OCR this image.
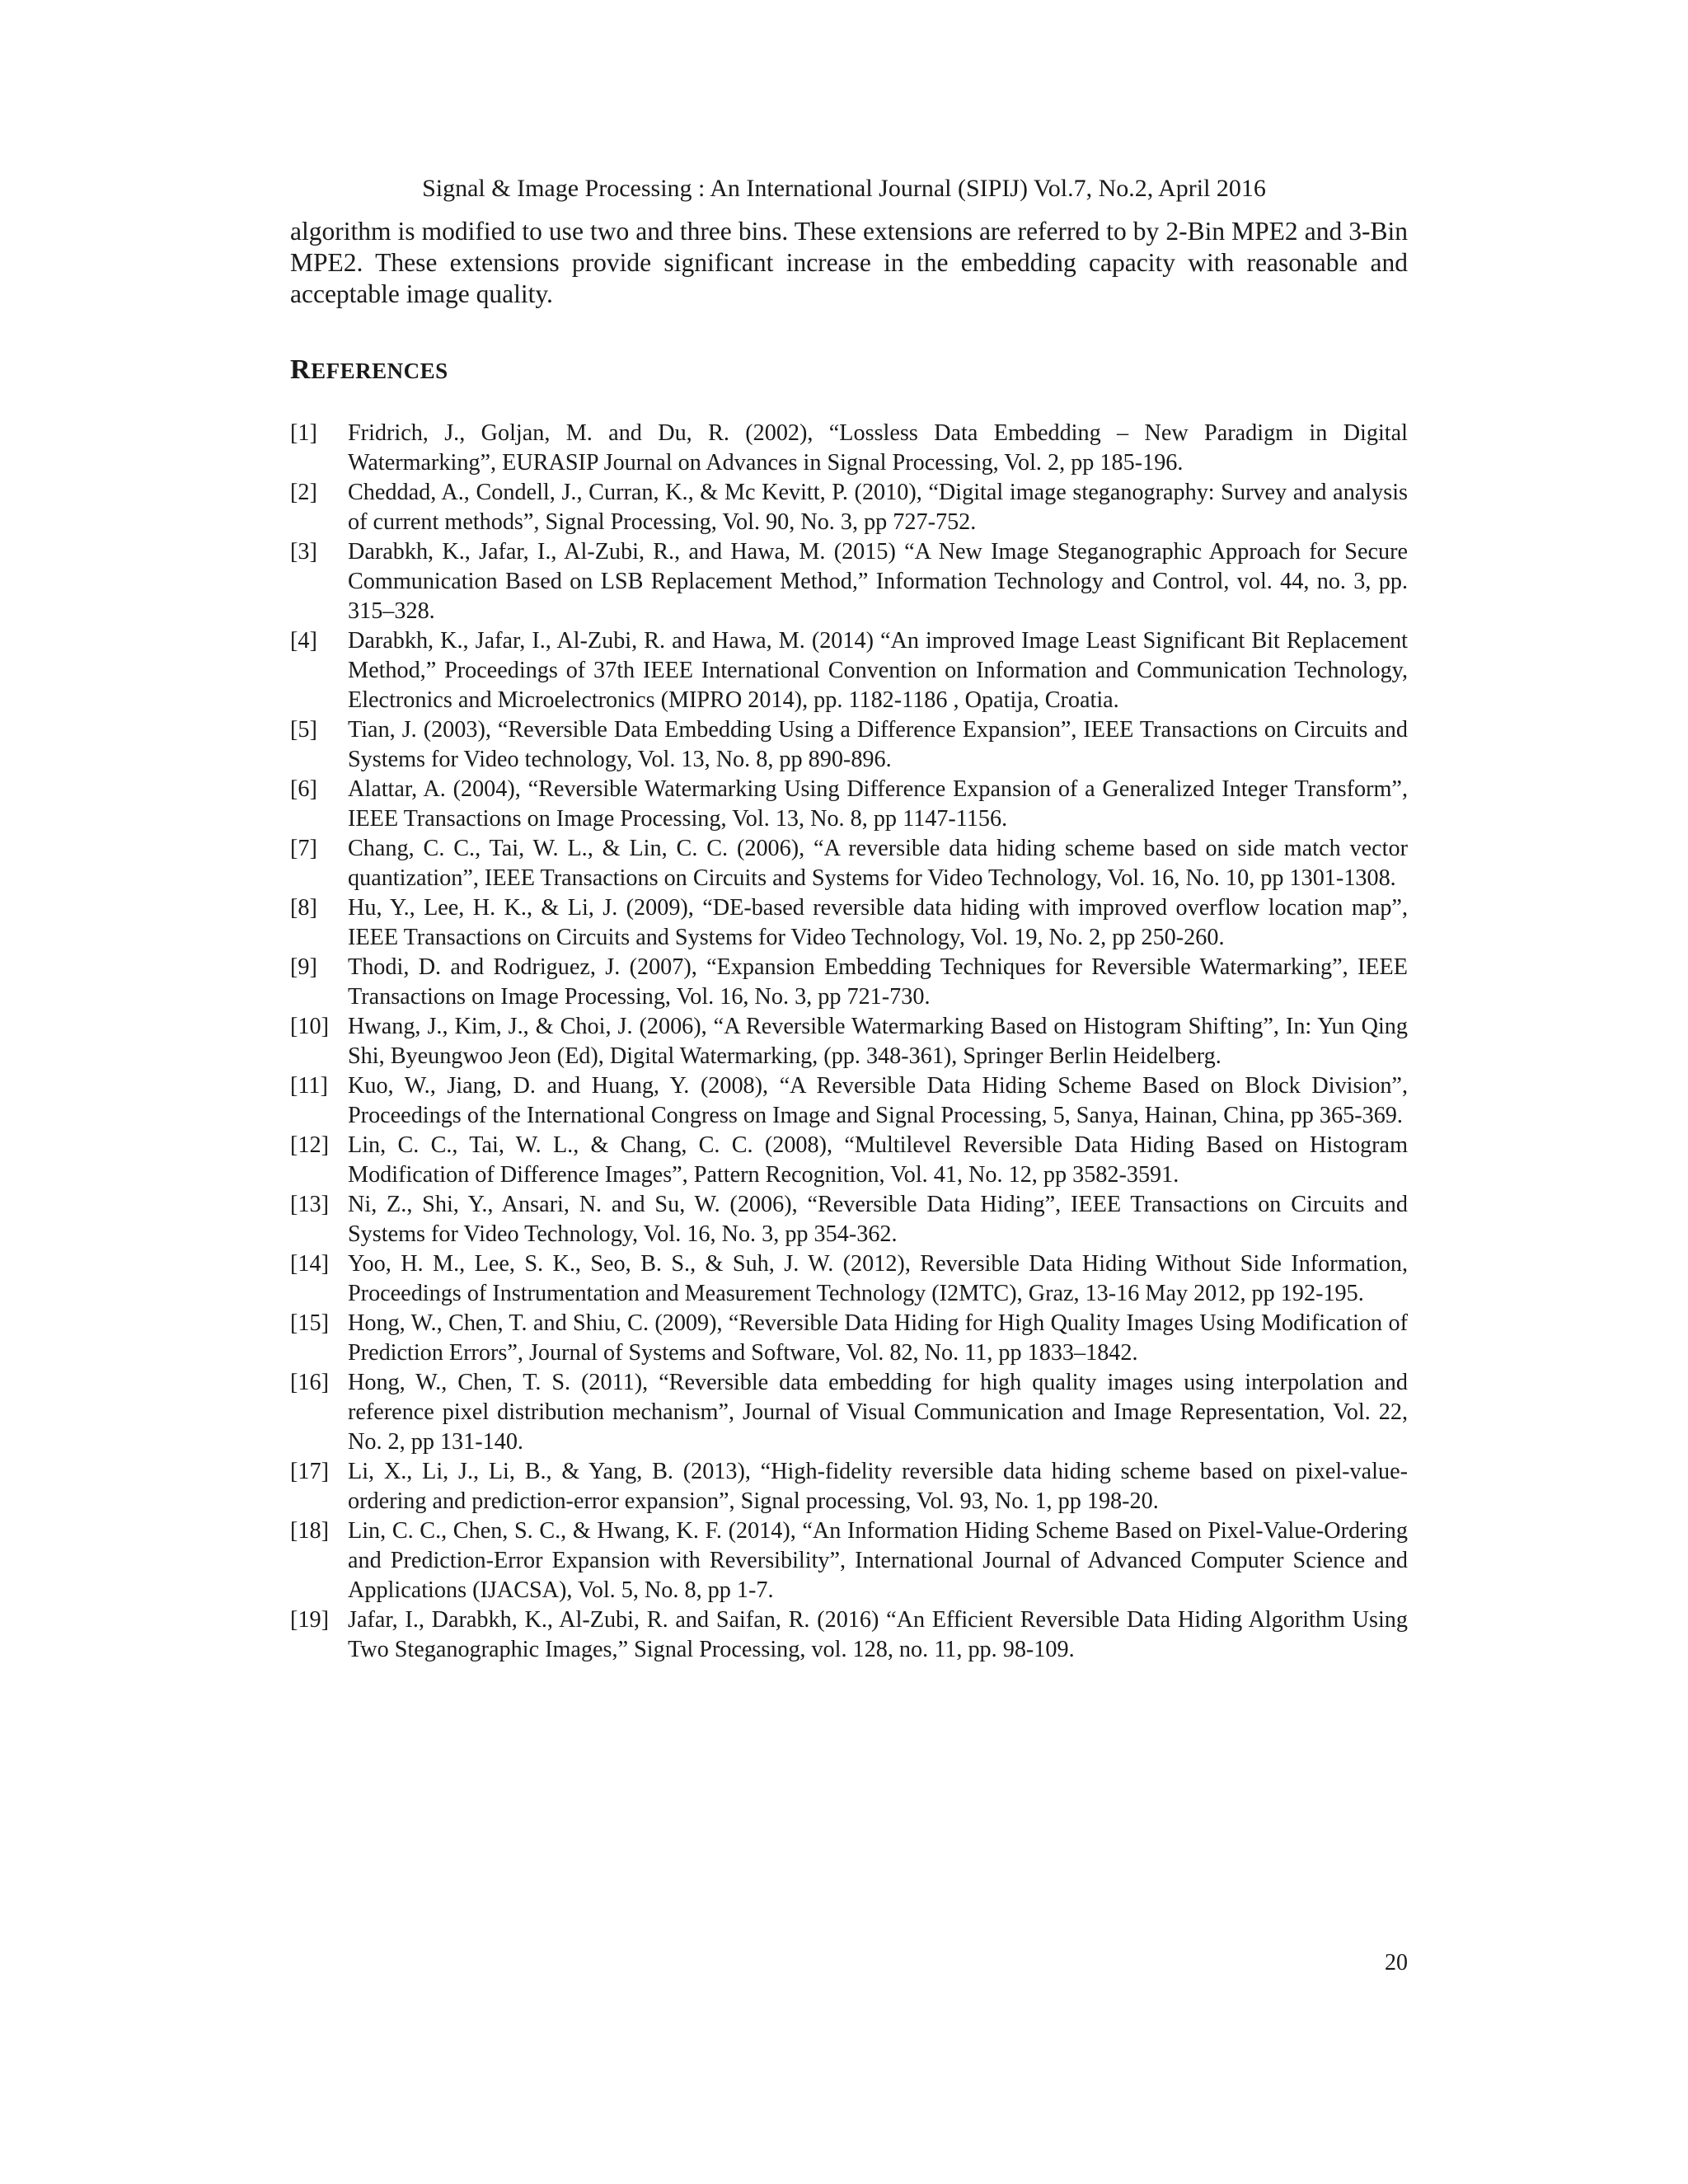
Signal & Image Processing : An International Journal (SIPIJ) Vol.7, No.2, April 2016

algorithm is modified to use two and three bins. These extensions are referred to by 2-Bin MPE2 and 3-Bin MPE2. These extensions provide significant increase in the embedding capacity with reasonable and acceptable image quality.

REFERENCES
[1]	Fridrich, J., Goljan, M. and Du, R. (2002), “Lossless Data Embedding – New Paradigm in Digital Watermarking”, EURASIP Journal on Advances in Signal Processing, Vol. 2, pp 185-196.
[2]	Cheddad, A., Condell, J., Curran, K., & Mc Kevitt, P. (2010), “Digital image steganography: Survey and analysis of current methods”, Signal Processing, Vol. 90, No. 3, pp 727-752.
[3]	Darabkh, K., Jafar, I., Al-Zubi, R., and Hawa, M. (2015) “A New Image Steganographic Approach for Secure Communication Based on LSB Replacement Method,” Information Technology and Control, vol. 44, no. 3, pp. 315–328.
[4]	Darabkh, K., Jafar, I., Al-Zubi, R. and Hawa, M. (2014) “An improved Image Least Significant Bit Replacement Method,” Proceedings of 37th IEEE International Convention on Information and Communication Technology, Electronics and Microelectronics (MIPRO 2014), pp. 1182-1186 , Opatija, Croatia.
[5]	Tian, J. (2003), “Reversible Data Embedding Using a Difference Expansion”, IEEE Transactions on Circuits and Systems for Video technology, Vol. 13, No. 8, pp 890-896.
[6]	Alattar, A. (2004), “Reversible Watermarking Using Difference Expansion of a Generalized Integer Transform”, IEEE Transactions on Image Processing, Vol. 13, No. 8, pp 1147-1156.
[7]	Chang, C. C., Tai, W. L., & Lin, C. C. (2006), “A reversible data hiding scheme based on side match vector quantization”, IEEE Transactions on Circuits and Systems for Video Technology, Vol. 16, No. 10, pp 1301-1308.
[8]	Hu, Y., Lee, H. K., & Li, J. (2009), “DE-based reversible data hiding with improved overflow location map”, IEEE Transactions on Circuits and Systems for Video Technology, Vol. 19, No. 2, pp 250-260.
[9]	Thodi, D. and Rodriguez, J. (2007), “Expansion Embedding Techniques for Reversible Watermarking”, IEEE Transactions on Image Processing, Vol. 16, No. 3, pp 721-730.
[10] Hwang, J., Kim, J., & Choi, J. (2006), “A Reversible Watermarking Based on Histogram Shifting”, In: Yun Qing Shi, Byeungwoo Jeon (Ed), Digital Watermarking, (pp. 348-361), Springer Berlin Heidelberg.
[11] Kuo, W., Jiang, D. and Huang, Y. (2008), “A Reversible Data Hiding Scheme Based on Block Division”, Proceedings of the International Congress on Image and Signal Processing, 5, Sanya, Hainan, China, pp 365-369.
[12] Lin, C. C., Tai, W. L., & Chang, C. C. (2008), “Multilevel Reversible Data Hiding Based on Histogram Modification of Difference Images”, Pattern Recognition, Vol. 41, No. 12, pp 3582-3591.
[13] Ni, Z., Shi, Y., Ansari, N. and Su, W. (2006), “Reversible Data Hiding”, IEEE Transactions on Circuits and Systems for Video Technology, Vol. 16, No. 3, pp 354-362.
[14] Yoo, H. M., Lee, S. K., Seo, B. S., & Suh, J. W. (2012), Reversible Data Hiding Without Side Information, Proceedings of Instrumentation and Measurement Technology (I2MTC), Graz, 13-16 May 2012, pp 192-195.
[15] Hong, W., Chen, T. and Shiu, C. (2009), “Reversible Data Hiding for High Quality Images Using Modification of Prediction Errors”, Journal of Systems and Software, Vol. 82, No. 11, pp 1833–1842.
[16] Hong, W., Chen, T. S. (2011), “Reversible data embedding for high quality images using interpolation and reference pixel distribution mechanism”, Journal of Visual Communication and Image Representation, Vol. 22, No. 2, pp 131-140.
[17] Li, X., Li, J., Li, B., & Yang, B. (2013), “High-fidelity reversible data hiding scheme based on pixel-value-ordering and prediction-error expansion”, Signal processing, Vol. 93, No. 1, pp 198-20.
[18] Lin, C. C., Chen, S. C., & Hwang, K. F. (2014), “An Information Hiding Scheme Based on Pixel-Value-Ordering and Prediction-Error Expansion with Reversibility”, International Journal of Advanced Computer Science and Applications (IJACSA), Vol. 5, No. 8, pp 1-7.
[19] Jafar, I., Darabkh, K., Al-Zubi, R. and Saifan, R. (2016) “An Efficient Reversible Data Hiding Algorithm Using Two Steganographic Images,” Signal Processing, vol. 128, no. 11, pp. 98-109.
20
